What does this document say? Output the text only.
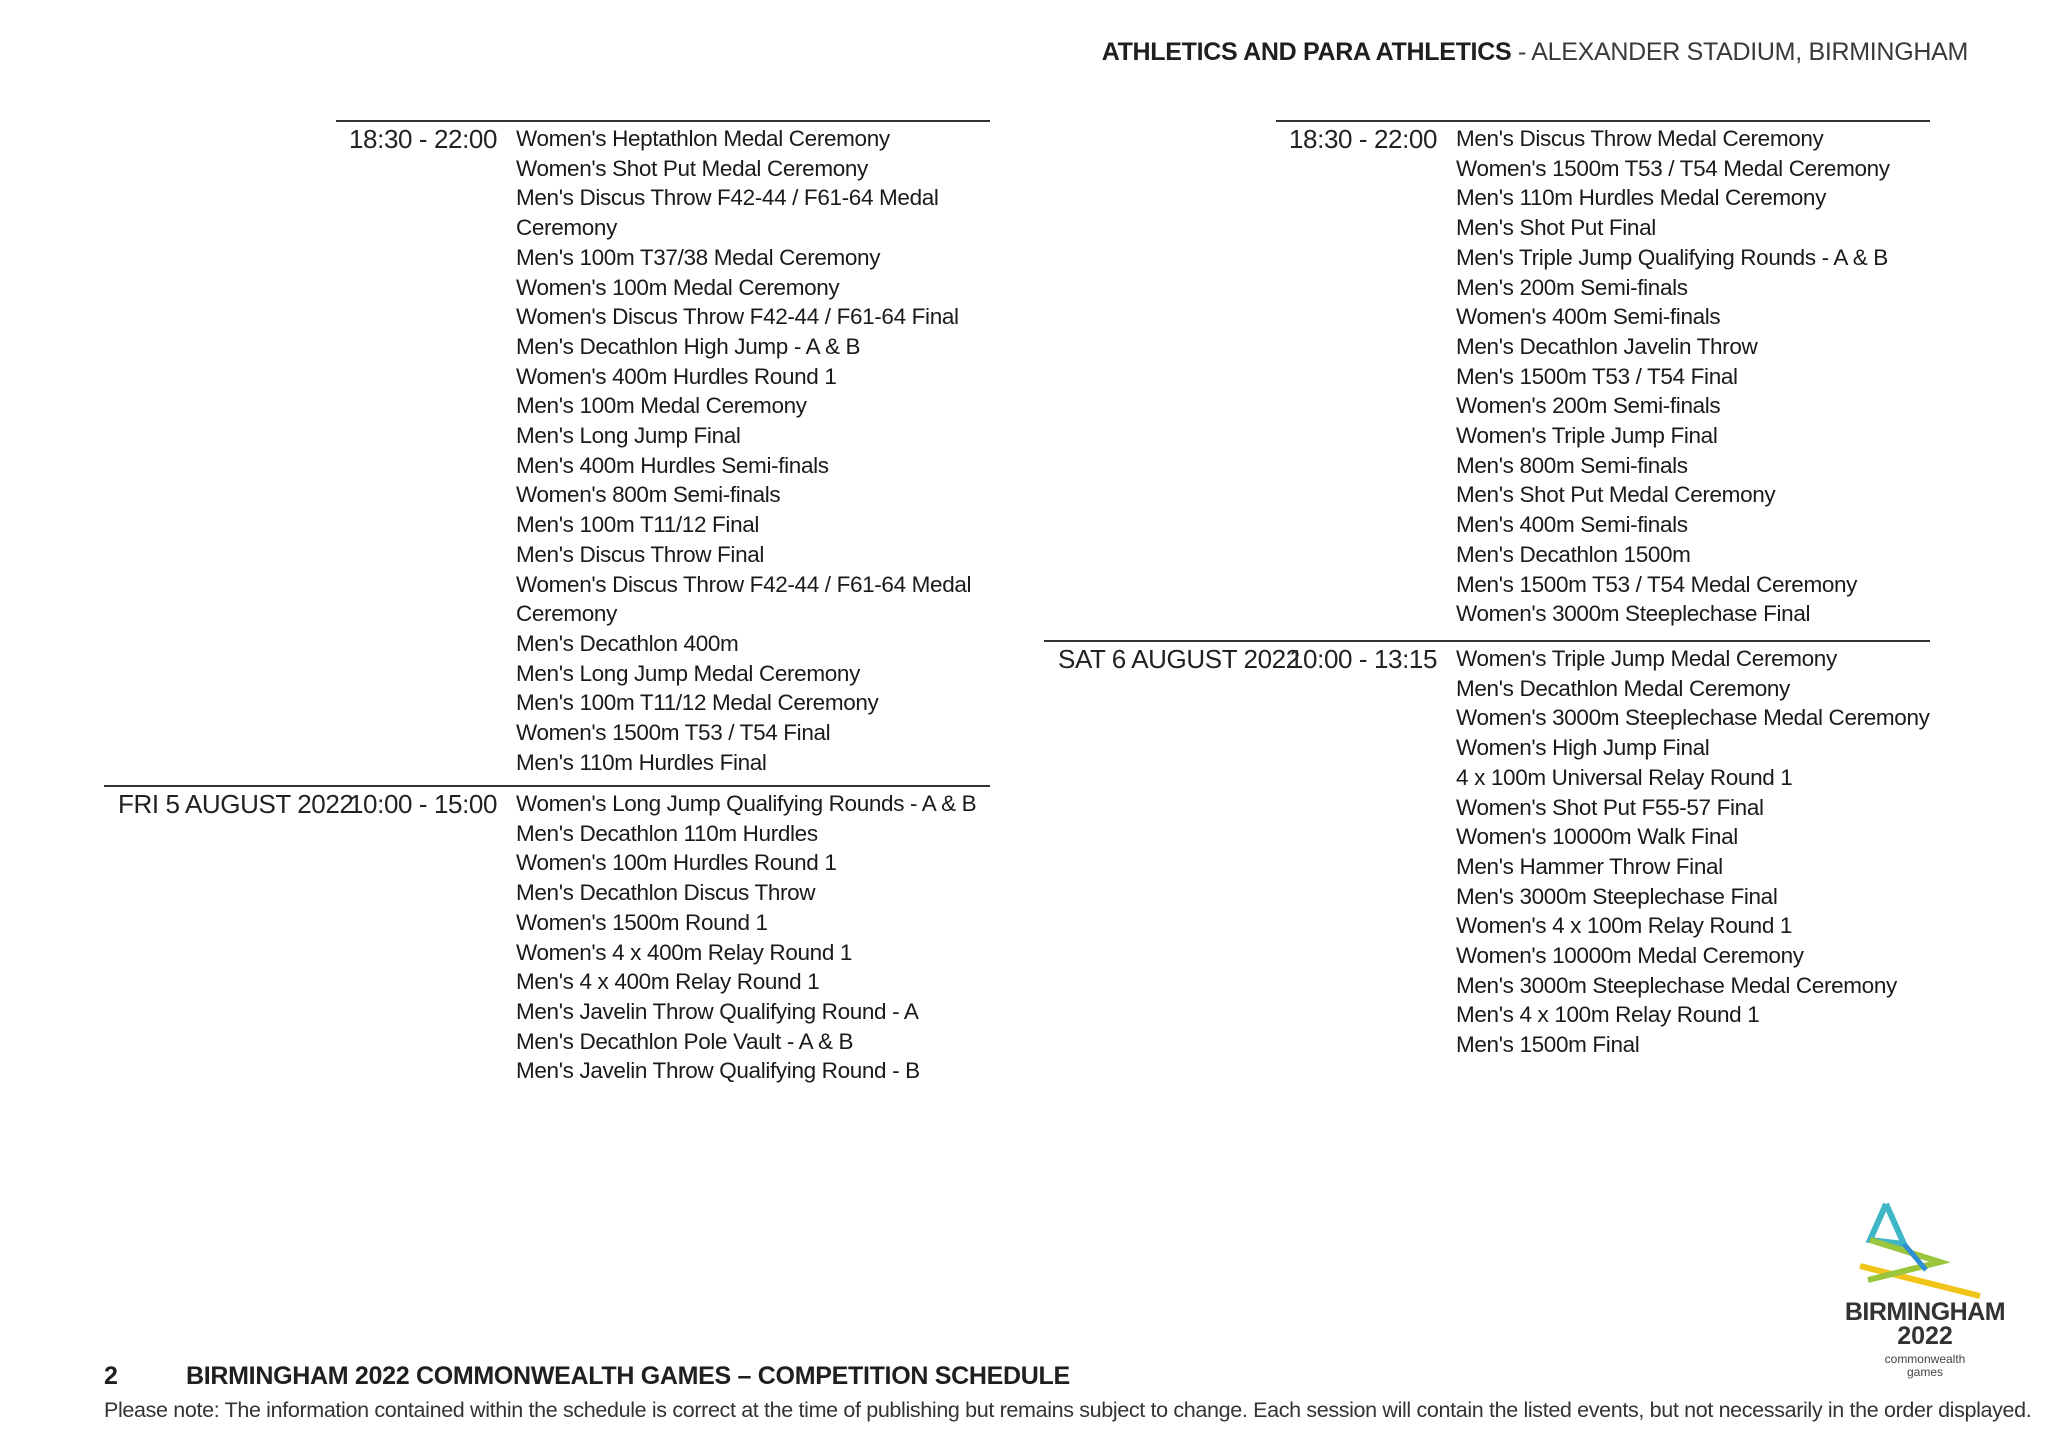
ATHLETICS AND PARA ATHLETICS - ALEXANDER STADIUM, BIRMINGHAM
18:30 - 22:00 Women's Heptathlon Medal Ceremony
Women's Shot Put Medal Ceremony
Men's Discus Throw F42-44 / F61-64 Medal
Ceremony
Men's 100m T37/38 Medal Ceremony
Women's 100m Medal Ceremony
Women's Discus Throw F42-44 / F61-64 Final
Men's Decathlon High Jump - A & B
Women's 400m Hurdles Round 1
Men's 100m Medal Ceremony
Men's Long Jump Final
Men's 400m Hurdles Semi-finals
Women's 800m Semi-finals
Men's 100m T11/12 Final
Men's Discus Throw Final
Women's Discus Throw F42-44 / F61-64 Medal
Ceremony
Men's Decathlon 400m
Men's Long Jump Medal Ceremony
Men's 100m T11/12 Medal Ceremony
Women's 1500m T53 / T54 Final
Men's 110m Hurdles Final
FRI 5 AUGUST 2022
10:00 - 15:00 Women's Long Jump Qualifying Rounds - A & B
Men's Decathlon 110m Hurdles
Women's 100m Hurdles Round 1
Men's Decathlon Discus Throw
Women's 1500m Round 1
Women's 4 x 400m Relay Round 1
Men's 4 x 400m Relay Round 1
Men's Javelin Throw Qualifying Round - A
Men's Decathlon Pole Vault - A & B
Men's Javelin Throw Qualifying Round - B
18:30 - 22:00 Men's Discus Throw Medal Ceremony
Women's 1500m T53 / T54 Medal Ceremony
Men's 110m Hurdles Medal Ceremony
Men's Shot Put Final
Men's Triple Jump Qualifying Rounds - A & B
Men's 200m Semi-finals
Women's 400m Semi-finals
Men's Decathlon Javelin Throw
Men's 1500m T53 / T54 Final
Women's 200m Semi-finals
Women's Triple Jump Final
Men's 800m Semi-finals
Men's Shot Put Medal Ceremony
Men's 400m Semi-finals
Men's Decathlon 1500m
Men's 1500m T53 / T54 Medal Ceremony
Women's 3000m Steeplechase Final
SAT 6 AUGUST 2022
10:00 - 13:15 Women's Triple Jump Medal Ceremony
Men's Decathlon Medal Ceremony
Women's 3000m Steeplechase Medal Ceremony
Women's High Jump Final
4 x 100m Universal Relay Round 1
Women's Shot Put F55-57 Final
Women's 10000m Walk Final
Men's Hammer Throw Final
Men's 3000m Steeplechase Final
Women's 4 x 100m Relay Round 1
Women's 10000m Medal Ceremony
Men's 3000m Steeplechase Medal Ceremony
Men's 4 x 100m Relay Round 1
Men's 1500m Final
BIRMINGHAM
2022
commonwealth
games
2	BIRMINGHAM 2022 COMMONWEALTH GAMES – COMPETITION SCHEDULE
Please note: The information contained within the schedule is correct at the time of publishing but remains subject to change. Each session will contain the listed events, but not necessarily in the order displayed.
